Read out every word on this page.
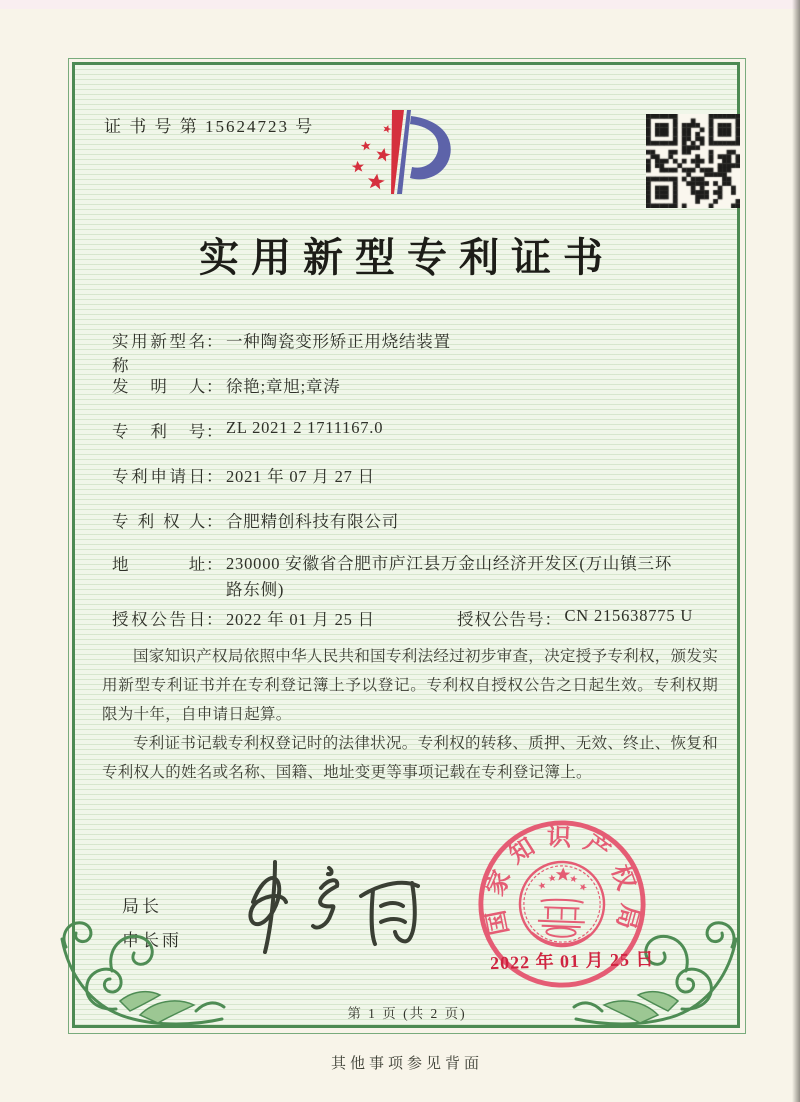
证 书 号 第 15624723 号
实用新型专利证书
实用新型名称： 一种陶瓷变形矫正用烧结装置
发明人： 徐艳;章旭;章涛
专利号： ZL 2021 2 1711167.0
专利申请日： 2021 年 07 月 27 日
专利权人： 合肥精创科技有限公司
地址： 230000 安徽省合肥市庐江县万金山经济开发区(万山镇三环路东侧)
授权公告日： 2022 年 01 月 25 日	授权公告号： CN 215638775 U

国家知识产权局依照中华人民共和国专利法经过初步审查，决定授予专利权，颁发实用新型专利证书并在专利登记簿上予以登记。专利权自授权公告之日起生效。专利权期限为十年，自申请日起算。

专利证书记载专利权登记时的法律状况。专利权的转移、质押、无效、终止、恢复和专利权人的姓名或名称、国籍、地址变更等事项记载在专利登记簿上。

局长
申长雨
国家知识产权局
2022 年 01 月 25 日
第 1 页 (共 2 页)
其他事项参见背面
